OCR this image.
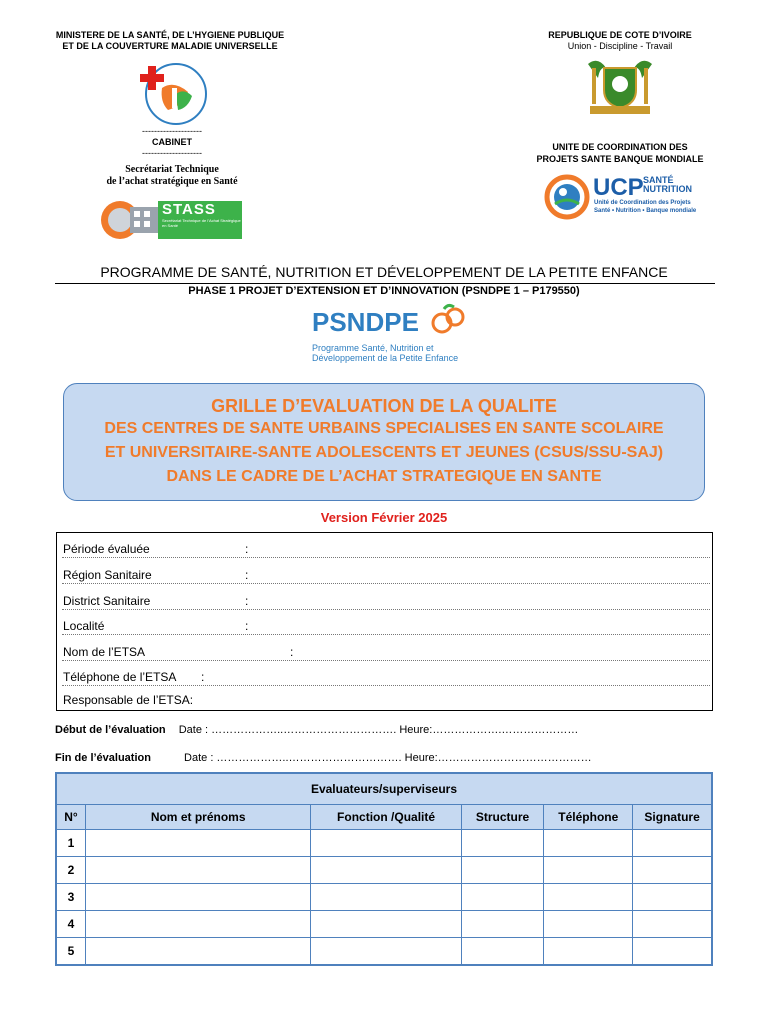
MINISTERE DE LA SANTÉ, DE L’HYGIENE PUBLIQUE
ET DE LA COUVERTURE MALADIE UNIVERSELLE
--------------------
CABINET
--------------------
Secrétariat Technique
de l’achat stratégique en Santé
STASS
Secrétariat Technique de l'Achat Stratégique en Santé
REPUBLIQUE DE COTE D’IVOIRE
Union - Discipline - Travail
UNITE DE COORDINATION DES
PROJETS SANTE BANQUE MONDIALE
UCP SANTÉ
NUTRITION
Unité de Coordination des Projets
Santé • Nutrition • Banque mondiale
PROGRAMME DE SANTÉ, NUTRITION ET DÉVELOPPEMENT DE LA PETITE ENFANCE
PHASE 1 PROJET D’EXTENSION ET D’INNOVATION (PSNDPE 1 – P179550)
PSNDPE
Programme Santé, Nutrition et
Développement de la Petite Enfance
GRILLE D’EVALUATION DE LA QUALITE
DES CENTRES DE SANTE URBAINS SPECIALISES EN SANTE SCOLAIRE
ET UNIVERSITAIRE-SANTE ADOLESCENTS ET JEUNES (CSUS/SSU-SAJ)
DANS LE CADRE DE L’ACHAT STRATEGIQUE EN SANTE
Version Février 2025
Période évaluée	:
Région Sanitaire	:
District Sanitaire	:
Localité	:
Nom de l’ETSA	:
Téléphone de l’ETSA :
Responsable de l’ETSA:
Début de l’évaluation Date : ………………..…………………………. Heure:……………….…………………
Fin de l’évaluation	Date : ………………..…………………………. Heure:……………………………………
Evaluateurs/superviseurs					
N°	Nom et prénoms	Fonction /Qualité	Structure	Téléphone	Signature
1					
2					
3					
4					
5					
